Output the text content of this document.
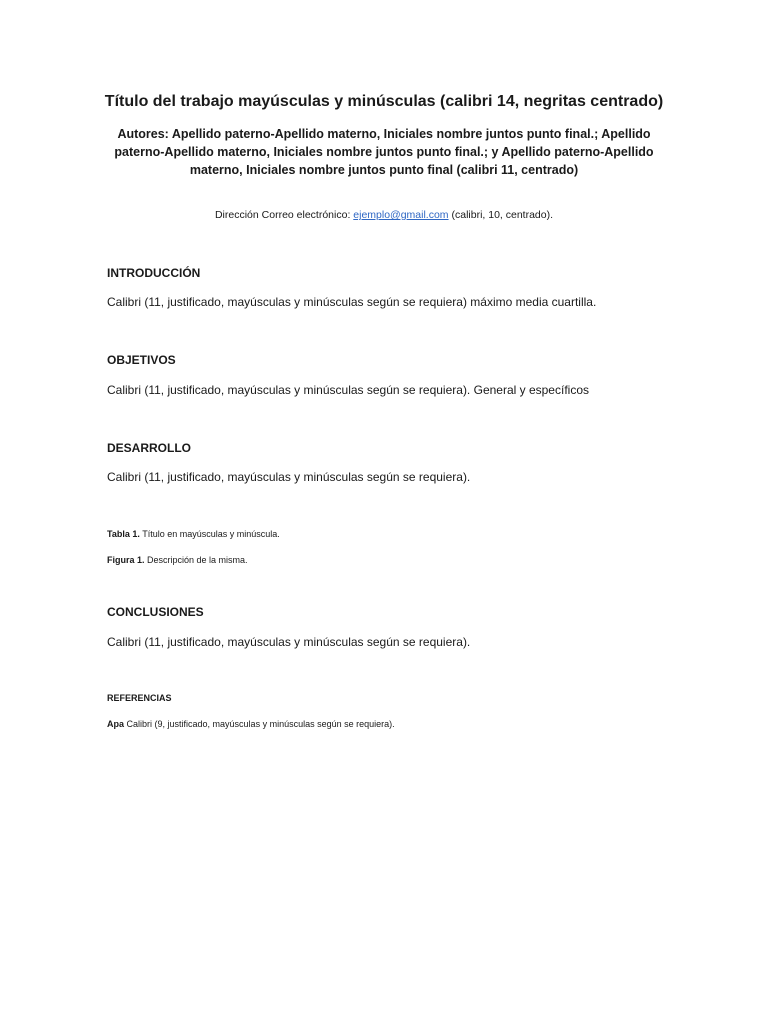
Título del trabajo mayúsculas y minúsculas (calibri 14, negritas centrado)
Autores: Apellido paterno-Apellido materno, Iniciales nombre juntos punto final.; Apellido paterno-Apellido materno, Iniciales nombre juntos punto final.; y Apellido paterno-Apellido materno, Iniciales nombre juntos punto final (calibri 11, centrado)
Dirección Correo electrónico: ejemplo@gmail.com (calibri, 10, centrado).
INTRODUCCIÓN
Calibri (11, justificado, mayúsculas y minúsculas según se requiera) máximo media cuartilla.
OBJETIVOS
Calibri (11, justificado, mayúsculas y minúsculas según se requiera). General y específicos
DESARROLLO
Calibri (11, justificado, mayúsculas y minúsculas según se requiera).
Tabla 1. Título en mayúsculas y minúscula.
Figura 1. Descripción de la misma.
CONCLUSIONES
Calibri (11, justificado, mayúsculas y minúsculas según se requiera).
REFERENCIAS
Apa Calibri (9, justificado, mayúsculas y minúsculas según se requiera).
